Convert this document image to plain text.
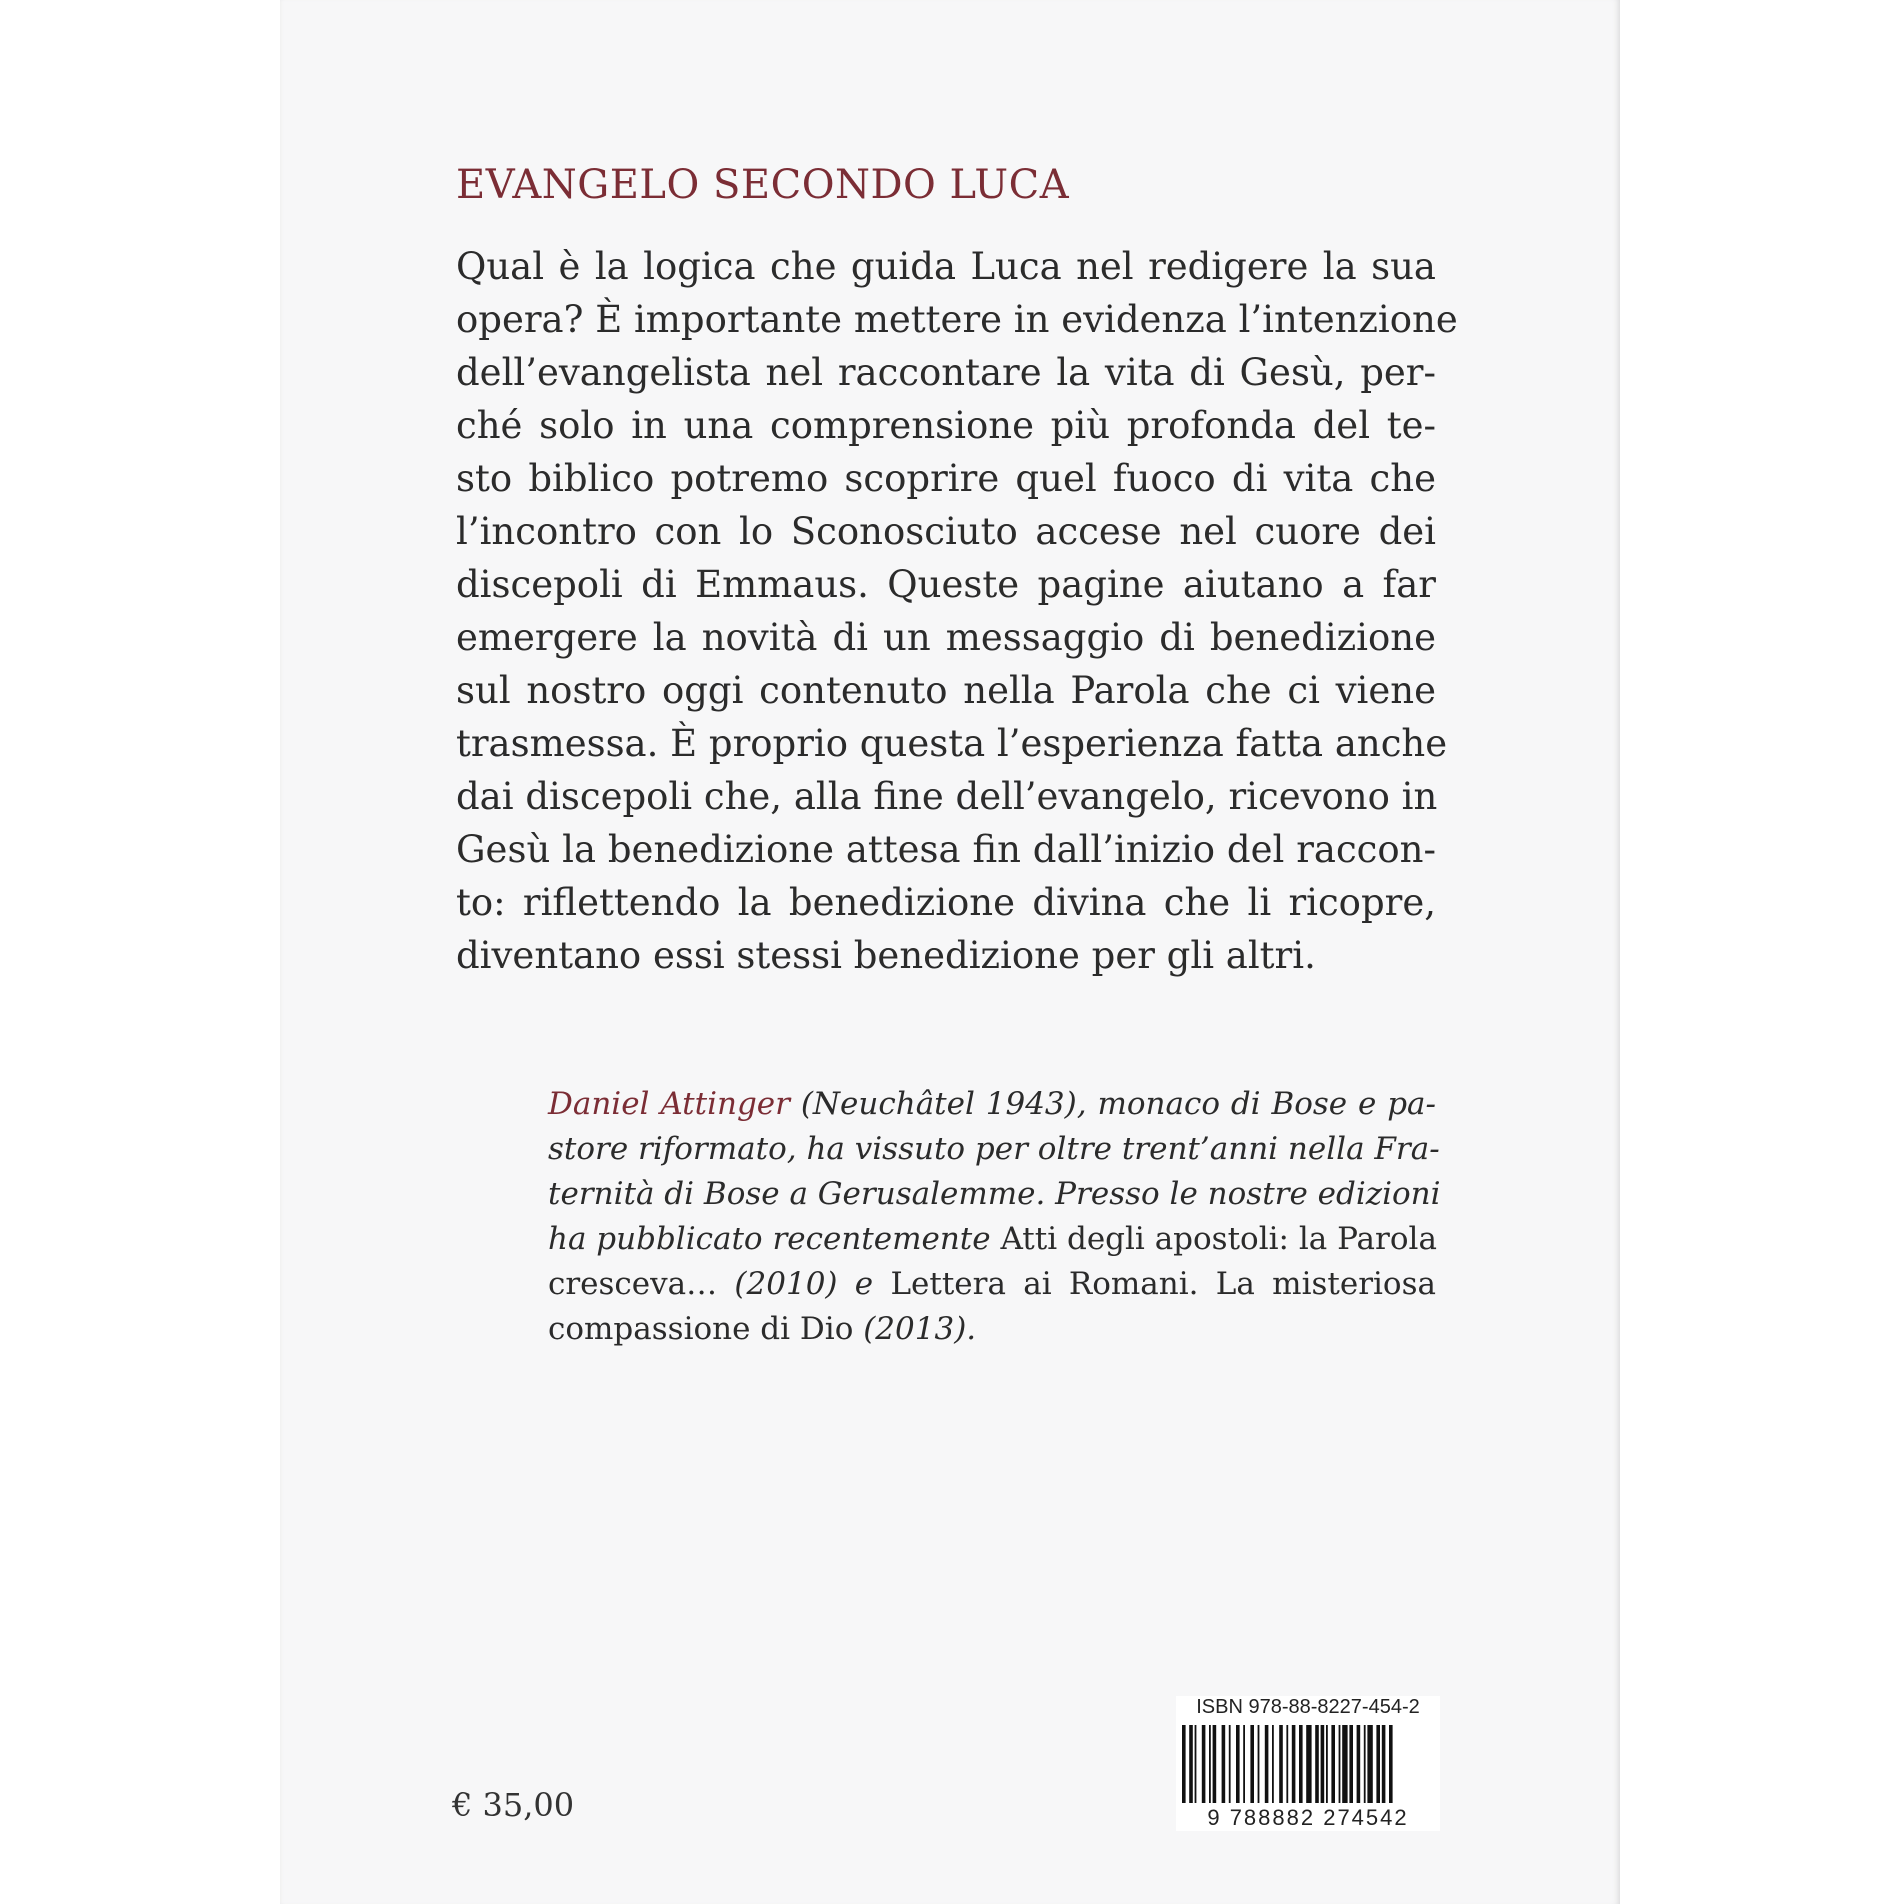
EVANGELO SECONDO LUCA
Qual è la logica che guida Luca nel redigere la sua
opera? È importante mettere in evidenza l’intenzione
dell’evangelista nel raccontare la vita di Gesù, per-
ché solo in una comprensione più profonda del te-
sto biblico potremo scoprire quel fuoco di vita che
l’incontro con lo Sconosciuto accese nel cuore dei
discepoli di Emmaus. Queste pagine aiutano a far
emergere la novità di un messaggio di benedizione
sul nostro oggi contenuto nella Parola che ci viene
trasmessa. È proprio questa l’esperienza fatta anche
dai discepoli che, alla fine dell’evangelo, ricevono in
Gesù la benedizione attesa fin dall’inizio del raccon-
to: riflettendo la benedizione divina che li ricopre,
diventano essi stessi benedizione per gli altri.
Daniel Attinger (Neuchâtel 1943), monaco di Bose e pa-
store riformato, ha vissuto per oltre trent’anni nella Fra-
ternità di Bose a Gerusalemme. Presso le nostre edizioni
ha pubblicato recentemente Atti degli apostoli: la Parola
cresceva… (2010) e Lettera ai Romani. La misteriosa
compassione di Dio (2013).
€ 35,00
ISBN 978-88-8227-454-2
9 788882 274542
